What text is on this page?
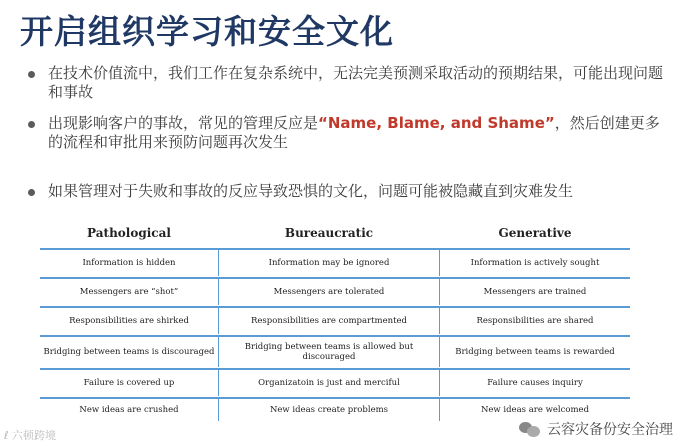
开启组织学习和安全文化
在技术价值流中，我们工作在复杂系统中，无法完美预测采取活动的预期结果，可能出现问题和事故
出现影响客户的事故，常见的管理反应是“Name, Blame, and Shame”，然后创建更多的流程和审批用来预防问题再次发生
如果管理对于失败和事故的反应导致恐惧的文化，问题可能被隐藏直到灾难发生
Pathological	Bureaucratic	Generative
Information is hidden	Information may be ignored	Information is actively sought
Messengers are “shot”	Messengers are tolerated	Messengers are trained
Responsibilities are shirked	Responsibilities are compartmented	Responsibilities are shared
Bridging between teams is discouraged	Bridging between teams is allowed but discouraged	Bridging between teams is rewarded
Failure is covered up	Organizatoin is just and merciful	Failure causes inquiry
New ideas are crushed	New ideas create problems	New ideas are welcomed
ℓ 六顿跨境	云容灾备份安全治理
